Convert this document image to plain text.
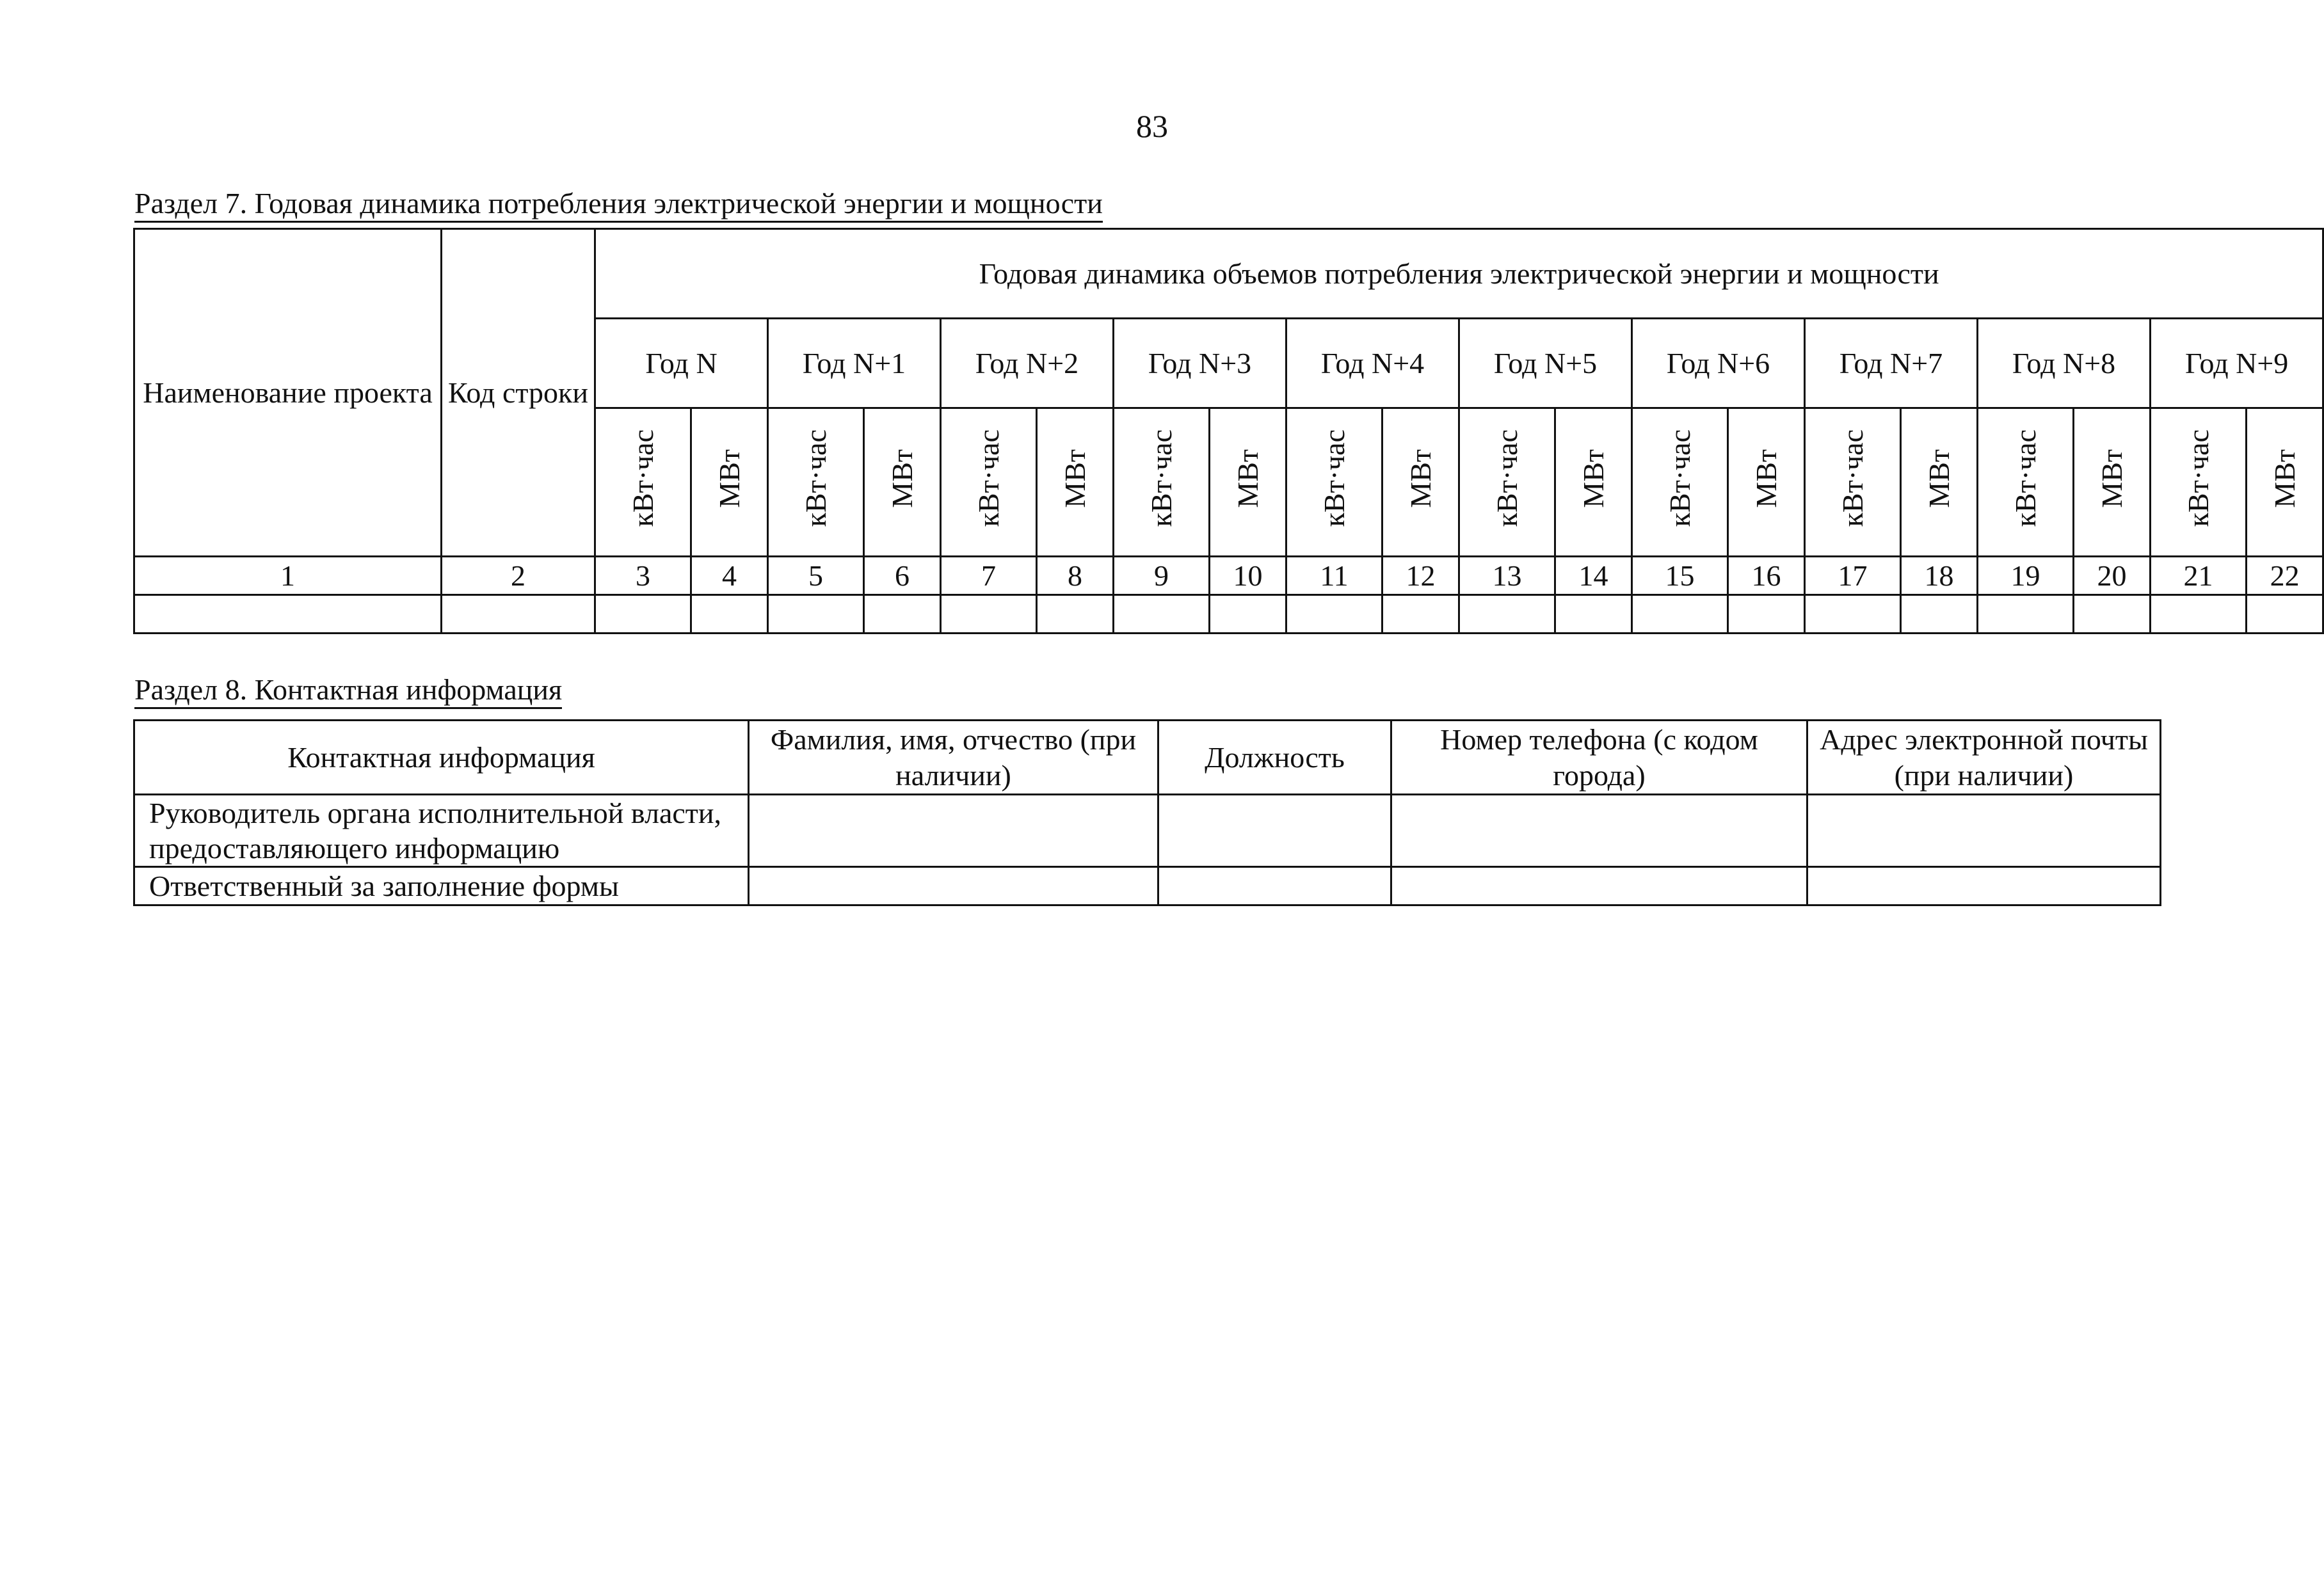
83
Раздел 7. Годовая динамика потребления электрической энергии и мощности
Наименование проекта	Код строки	Годовая динамика объемов потребления электрической энергии и мощности																			
		Год N		Год N+1		Год N+2		Год N+3		Год N+4		Год N+5		Год N+6		Год N+7		Год N+8		Год N+9	
		кВт·час	МВт	кВт·час	МВт	кВт·час	МВт	кВт·час	МВт	кВт·час	МВт	кВт·час	МВт	кВт·час	МВт	кВт·час	МВт	кВт·час	МВт	кВт·час	МВт
1	2	3	4	5	6	7	8	9	10	11	12	13	14	15	16	17	18	19	20	21	22

Раздел 8. Контактная информация
Контактная информация	Фамилия, имя, отчество (при наличии)	Должность	Номер телефона (с кодом города)	Адрес электронной почты (при наличии)
Руководитель органа исполнительной власти, предоставляющего информацию				
Ответственный за заполнение формы				
